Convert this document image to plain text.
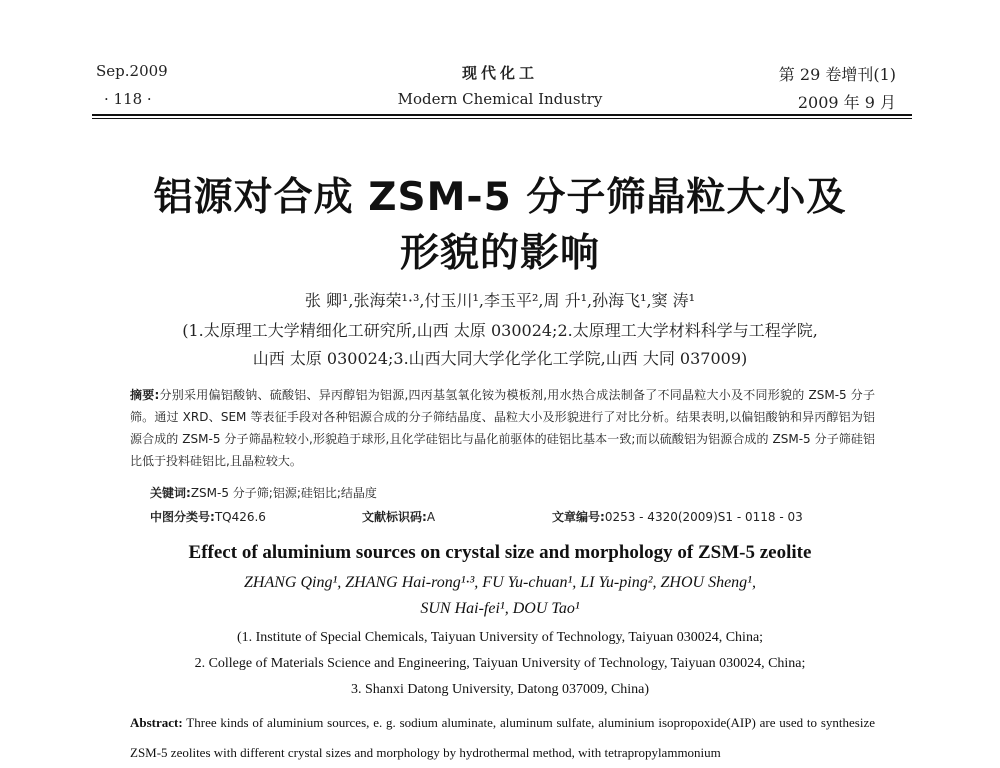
Sep.2009
· 118 ·
现代化工
Modern Chemical Industry
第 29 卷增刊(1)
2009 年 9 月
铝源对合成 ZSM-5 分子筛晶粒大小及
形貌的影响
张 卿¹,张海荣¹·³,付玉川¹,李玉平²,周 升¹,孙海飞¹,窦 涛¹
(1.太原理工大学精细化工研究所,山西 太原 030024;2.太原理工大学材料科学与工程学院,
山西 太原 030024;3.山西大同大学化学化工学院,山西 大同 037009)
摘要:分别采用偏铝酸钠、硫酸铝、异丙醇铝为铝源,四丙基氢氧化铵为模板剂,用水热合成法制备了不同晶粒大小及不同形貌的 ZSM-5 分子筛。通过 XRD、SEM 等表征手段对各种铝源合成的分子筛结晶度、晶粒大小及形貌进行了对比分析。结果表明,以偏铝酸钠和异丙醇铝为铝源合成的 ZSM-5 分子筛晶粒较小,形貌趋于球形,且化学硅铝比与晶化前驱体的硅铝比基本一致;而以硫酸铝为铝源合成的 ZSM-5 分子筛硅铝比低于投料硅铝比,且晶粒较大。
关键词:ZSM-5 分子筛;铝源;硅铝比;结晶度
中图分类号:TQ426.6	文献标识码:A	文章编号:0253 - 4320(2009)S1 - 0118 - 03
Effect of aluminium sources on crystal size and morphology of ZSM-5 zeolite
ZHANG Qing¹, ZHANG Hai-rong¹·³, FU Yu-chuan¹, LI Yu-ping², ZHOU Sheng¹,
SUN Hai-fei¹, DOU Tao¹
(1. Institute of Special Chemicals, Taiyuan University of Technology, Taiyuan 030024, China;
2. College of Materials Science and Engineering, Taiyuan University of Technology, Taiyuan 030024, China;
3. Shanxi Datong University, Datong 037009, China)
Abstract: Three kinds of aluminium sources, e. g. sodium aluminate, aluminum sulfate, aluminium isopropoxide(AIP) are used to synthesize ZSM-5 zeolites with different crystal sizes and morphology by hydrothermal method, with tetrapropylammonium
